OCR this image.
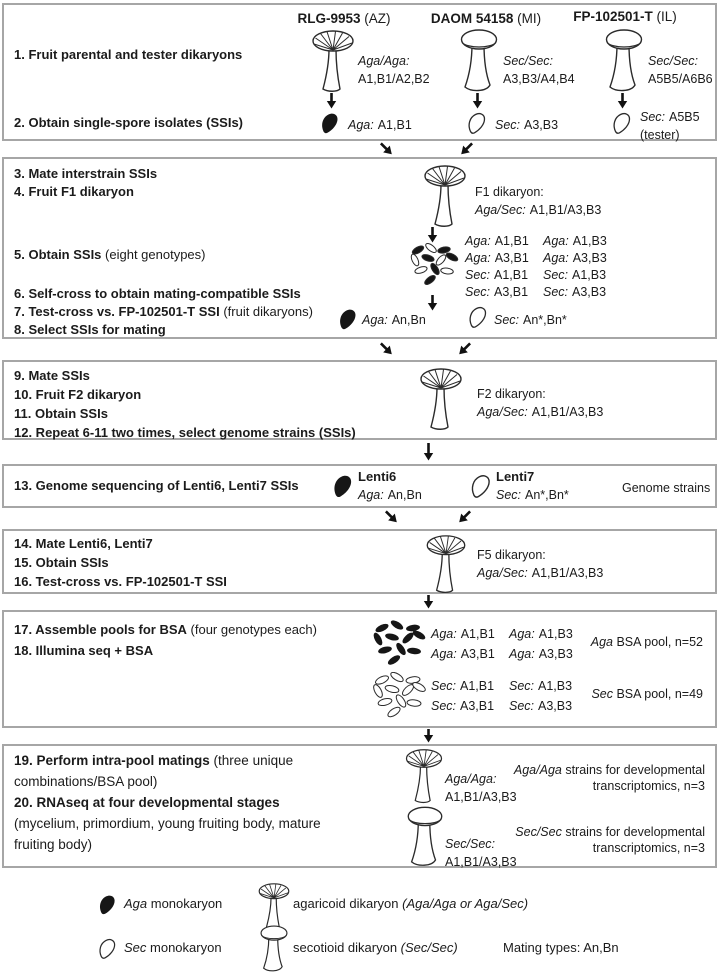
RLG-9953 (AZ)	DAOM 54158 (MI)	FP-102501-T (IL)
1. Fruit parental and tester dikaryons
2. Obtain single-spore isolates (SSIs)
Aga/Aga:
A1,B1/A2,B2
Sec/Sec:
A3,B3/A4,B4
Sec/Sec:
A5B5/A6B6
Aga: A1,B1	Sec: A3,B3
Sec: A5B5
(tester)
3. Mate interstrain SSIs
4. Fruit F1 dikaryon
5. Obtain SSIs (eight genotypes)
6. Self-cross to obtain mating-compatible SSIs
7. Test-cross vs. FP-102501-T SSI (fruit dikaryons)
8. Select SSIs for mating
F1 dikaryon:
Aga/Sec: A1,B1/A3,B3
Aga: A1,B1 Aga: A1,B3
Aga: A3,B1 Aga: A3,B3
Sec: A1,B1 Sec: A1,B3
Sec: A3,B1 Sec: A3,B3
Aga: An,Bn	Sec: An*,Bn*
9. Mate SSIs
10. Fruit F2 dikaryon
11. Obtain SSIs
12. Repeat 6-11 two times, select genome strains (SSIs)
F2 dikaryon:
Aga/Sec: A1,B1/A3,B3
13. Genome sequencing of Lenti6, Lenti7 SSIs
Lenti6
Aga: An,Bn
Lenti7
Sec: An*,Bn*	Genome strains
14. Mate Lenti6, Lenti7
15. Obtain SSIs
16. Test-cross vs. FP-102501-T SSI
F5 dikaryon:
Aga/Sec: A1,B1/A3,B3
17. Assemble pools for BSA (four genotypes each)
18. Illumina seq + BSA
Aga: A1,B1 Aga: A1,B3
Aga: A3,B1 Aga: A3,B3
Aga BSA pool, n=52
Sec: A1,B1 Sec: A1,B3
Sec: A3,B1 Sec: A3,B3
Sec BSA pool, n=49
19. Perform intra-pool matings (three unique combinations/BSA pool)
20. RNAseq at four developmental stages
(mycelium, primordium, young fruiting body, mature fruiting body)
Aga/Aga:
A1,B1/A3,B3
Aga/Aga strains for developmental transcriptomics, n=3
Sec/Sec:
A1,B1/A3,B3
Sec/Sec strains for developmental transcriptomics, n=3
Aga monokaryon	agaricoid dikaryon (Aga/Aga or Aga/Sec)
Sec monokaryon	secotioid dikaryon (Sec/Sec)	Mating types: An,Bn
